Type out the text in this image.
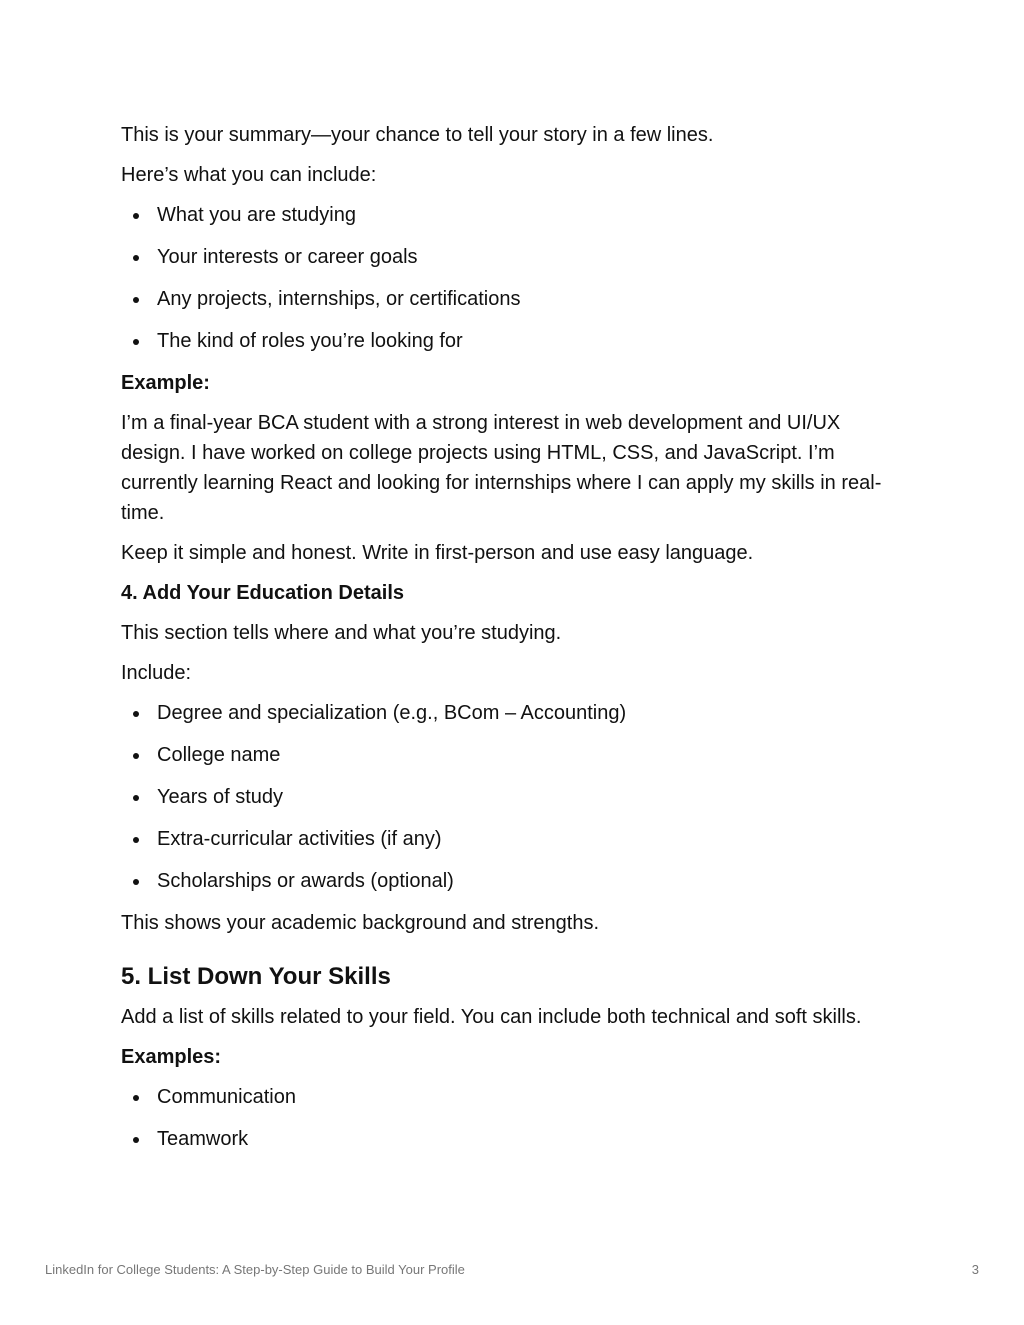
This is your summary—your chance to tell your story in a few lines.

Here’s what you can include:

What you are studying
Your interests or career goals
Any projects, internships, or certifications
The kind of roles you’re looking for

Example:

I’m a final-year BCA student with a strong interest in web development and UI/UX design. I have worked on college projects using HTML, CSS, and JavaScript. I’m currently learning React and looking for internships where I can apply my skills in real-time.

Keep it simple and honest. Write in first-person and use easy language.

4. Add Your Education Details

This section tells where and what you’re studying.

Include:

Degree and specialization (e.g., BCom – Accounting)
College name
Years of study
Extra-curricular activities (if any)
Scholarships or awards (optional)

This shows your academic background and strengths.

5. List Down Your Skills

Add a list of skills related to your field. You can include both technical and soft skills.

Examples:

Communication
Teamwork
LinkedIn for College Students: A Step-by-Step Guide to Build Your Profile	3
